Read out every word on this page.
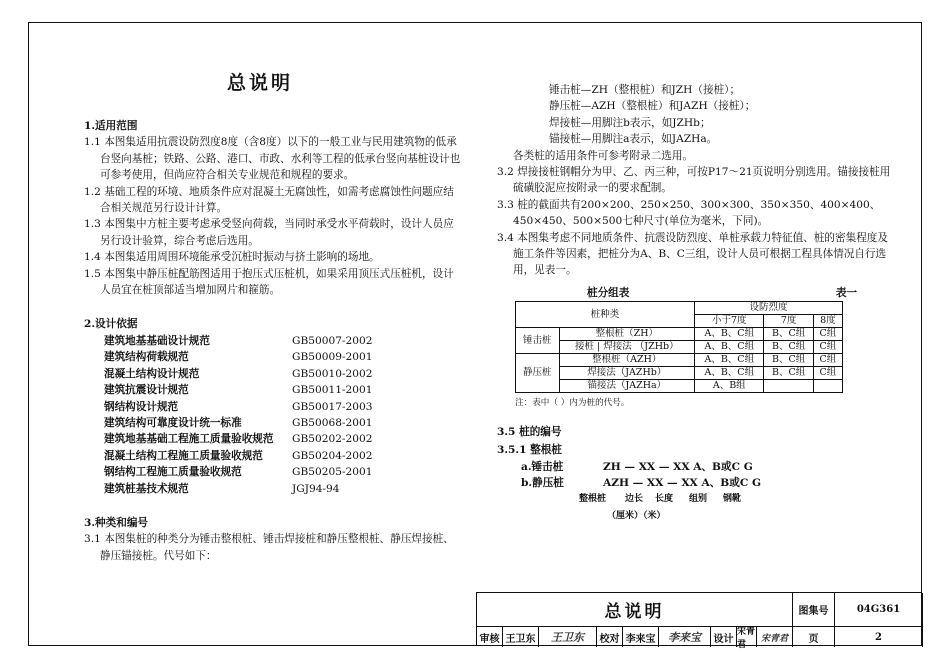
总说明
1.适用范围
1.1 本图集适用抗震设防烈度8度（含8度）以下的一般工业与民用建筑物的低承台竖向基桩；铁路、公路、港口、市政、水利等工程的低承台竖向基桩设计也可参考使用，但尚应符合相关专业规范和规程的要求。
1.2 基础工程的环境、地质条件应对混凝土无腐蚀性，如需考虑腐蚀性问题应结合相关规范另行设计计算。
1.3 本图集中方桩主要考虑承受竖向荷载，当同时承受水平荷载时，设计人员应另行设计验算，综合考虑后选用。
1.4 本图集适用周围环境能承受沉桩时振动与挤土影响的场地。
1.5 本图集中静压桩配筋图适用于抱压式压桩机，如果采用顶压式压桩机，设计人员宜在桩顶部适当增加网片和箍筋。
2.设计依据
建筑地基基础设计规范	GB50007-2002
建筑结构荷载规范	GB50009-2001
混凝土结构设计规范	GB50010-2002
建筑抗震设计规范	GB50011-2001
钢结构设计规范	GB50017-2003
建筑结构可靠度设计统一标准	GB50068-2001
建筑地基基础工程施工质量验收规范	GB50202-2002
混凝土结构工程施工质量验收规范	GB50204-2002
钢结构工程施工质量验收规范	GB50205-2001
建筑桩基技术规范	JGJ94-94
3.种类和编号
3.1 本图集桩的种类分为锤击整根桩、锤击焊接桩和静压整根桩、静压焊接桩、静压锚接桩。代号如下：
锤击桩—ZH（整根桩）和JZH（接桩）；
静压桩—AZH（整根桩）和JAZH（接桩）；
焊接桩—用脚注b表示，如JZHb；
锚接桩—用脚注a表示，如JAZHa。
各类桩的适用条件可参考附录二选用。
3.2 焊接接桩钢帽分为甲、乙、丙三种，可按P17～21页说明分别选用。锚接接桩用硫磺胶泥应按附录一的要求配制。
3.3 桩的截面共有200×200、250×250、300×300、350×350、400×400、450×450、500×500七种尺寸(单位为毫米，下同)。
3.4 本图集考虑不同地质条件、抗震设防烈度、单桩承载力特征值、桩的密集程度及施工条件等因素，把桩分为A、B、C三组，设计人员可根据工程具体情况自行选用，见表一。
桩分组表	表一
桩种类		设防烈度		
		小于7度	7度	8度
锤击桩	整根桩（ZH）	A、B、C组	B、C组	C组
	接桩 | 焊接法 （JZHb）	A、B、C组	B、C组	C组
静压桩	整根桩（AZH）	A、B、C组	B、C组	C组
	焊接法（JAZHb）	A、B、C组	B、C组	C组
	锚接法（JAZHa）	A、B组		
注：表中（ ）内为桩的代号。
3.5 桩的编号
3.5.1 整根桩
a.锤击桩	ZH — XX — XX A、B或C G
b.静压桩	AZH — XX — XX A、B或C G
整根桩	边长	长度	组别	钢靴
（厘米）（米）
总说明	图集号	04G361
审核 王卫东	王卫东	校对 李来宝	李来宝	设计
宋青君
宋青君	页	2
